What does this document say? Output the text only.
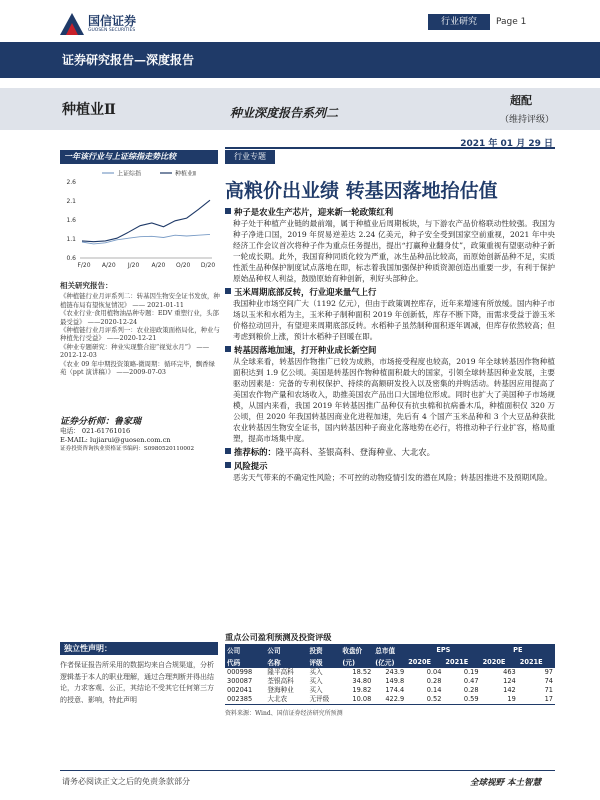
国信证券
GUOSEN SECURITIES
行业研究	Page 1
证券研究报告—深度报告
种植业Ⅱ	种业深度报告系列二
超配
（维持评级）
2021 年 01 月 29 日
一年该行业与上证综指走势比较
上证综指	种植业Ⅱ
2.6
2.1
1.6
1.1
0.6
F/20 A/20 J/20 A/20 O/20 D/20
相关研究报告：
《种植链行业月评系列二：转基因生物安全证书发放，种植链布局有望恢复情况》 —— 2021-01-11
《农业行业·食用植物油品种专题：EDV 重塑行业，头部最受益》 ——2020-12-24
《种植链行业月评系列一：农业迎政策面格局化，种业与种植先行受益》 ——2020-12-21
《种业专题研究：种业实现整合迎“视觉水月”》 ——2012-12-03
《农业 09 年中期投资策略-微周期：循环完毕，飘香绿苑（ppt 演讲稿）》 ——2009-07-03
证券分析师：鲁家瑞
电话： 021-61761016
E-MAIL: lujiarui@guosen.com.cn
证券投资咨询执业资格证书编码：S0980520110002
独立性声明：
作者保证报告所采用的数据均来自合规渠道，分析逻辑基于本人的职业理解，通过合理判断并得出结论，力求客观、公正，其结论不受其它任何第三方的授意、影响，特此声明
行业专题
高粮价出业绩 转基因落地抬估值
种子是农业生产芯片，迎来新一轮政策红利

种子处于种植产业链的最前端，属于种植业后周期板块，与下游农产品价格联动性较强。我国为种子净进口国，2019 年贸易逆差达 2.24 亿美元，种子安全受到国家空前重视，2021 年中央经济工作会议首次将种子作为重点任务提出，提出“打赢种业翻身仗”，政策重视有望驱动种子新一轮成长期。此外，我国育种同质化较为严重，冰生品种品比较高，而原始创新品种不足，实质性派生品种保护制度试点落地在即，标志着我国加强保护种质资源创造出重要一步，有利于保护原始品种权人利益，鼓励原始育种创新，利好头部种企。

玉米周期底部反转，行业迎来量气上行

我国种业市场空间广大（1192 亿元），但由于政策调控库存，近年来增速有所放缓。国内种子市场以玉米和水稻为主，玉米种子制种面积 2019 年创新低，库存不断下降，而需求受益于游玉米价格拉动回升，有望迎来周期底部反转。水稻种子虽然制种面积逐年调减，但库存依然较高；但考虑到粮价上涨，预计水稻种子回暖在即。

转基因落地加速，打开种业成长新空间

从全球来看，转基因作物推广已较为成熟，市场接受程度也较高，2019 年全球转基因作物种植面积达到 1.9 亿公顷。美国是转基因作物种植面积最大的国家，引领全球转基因种业发展，主要驱动因素是：完备的专利权保护、持续的高额研发投入以及密集的并购活动。转基因应用提高了美国农作物产量和农场收入，助推美国农产品出口大国地位形成。同时也扩大了美国种子市场规模，从国内来看，我国 2019 年转基因推广品种仅有抗虫棉和抗病番木瓜，种植面积仅 320 万公顷，但 2020 年我国转基因商业化进程加速，先后有 4 个国产玉米品种和 3 个大豆品种获批农业转基因生物安全证书，国内转基因种子商业化落地势在必行，将推动种子行业扩容，格局重塑，提高市场集中度。

推荐标的：隆平高科、荃银高科、登海种业、大北农。
风险提示

恶劣天气带来的不确定性风险；不可控的动物疫情引发的潜在风险；转基因推进不及预期风险。

重点公司盈利预测及投资评级
公司	公司	投资	收盘价	总市值	EPS		PE	
代码	名称	评级	(元)	(亿元)	2020E	2021E	2020E	2021E
000998	隆平高科	买入	18.52	243.9	0.04	0.19	463	97
300087	荃银高科	买入	34.80	149.8	0.28	0.47	124	74
002041	登海种业	买入	19.82	174.4	0.14	0.28	142	71
002385	大北农	无评级	10.08	422.9	0.52	0.59	19	17
资料来源：Wind、国信证券经济研究所预测
请务必阅读正文之后的免责条款部分	全球视野 本土智慧
